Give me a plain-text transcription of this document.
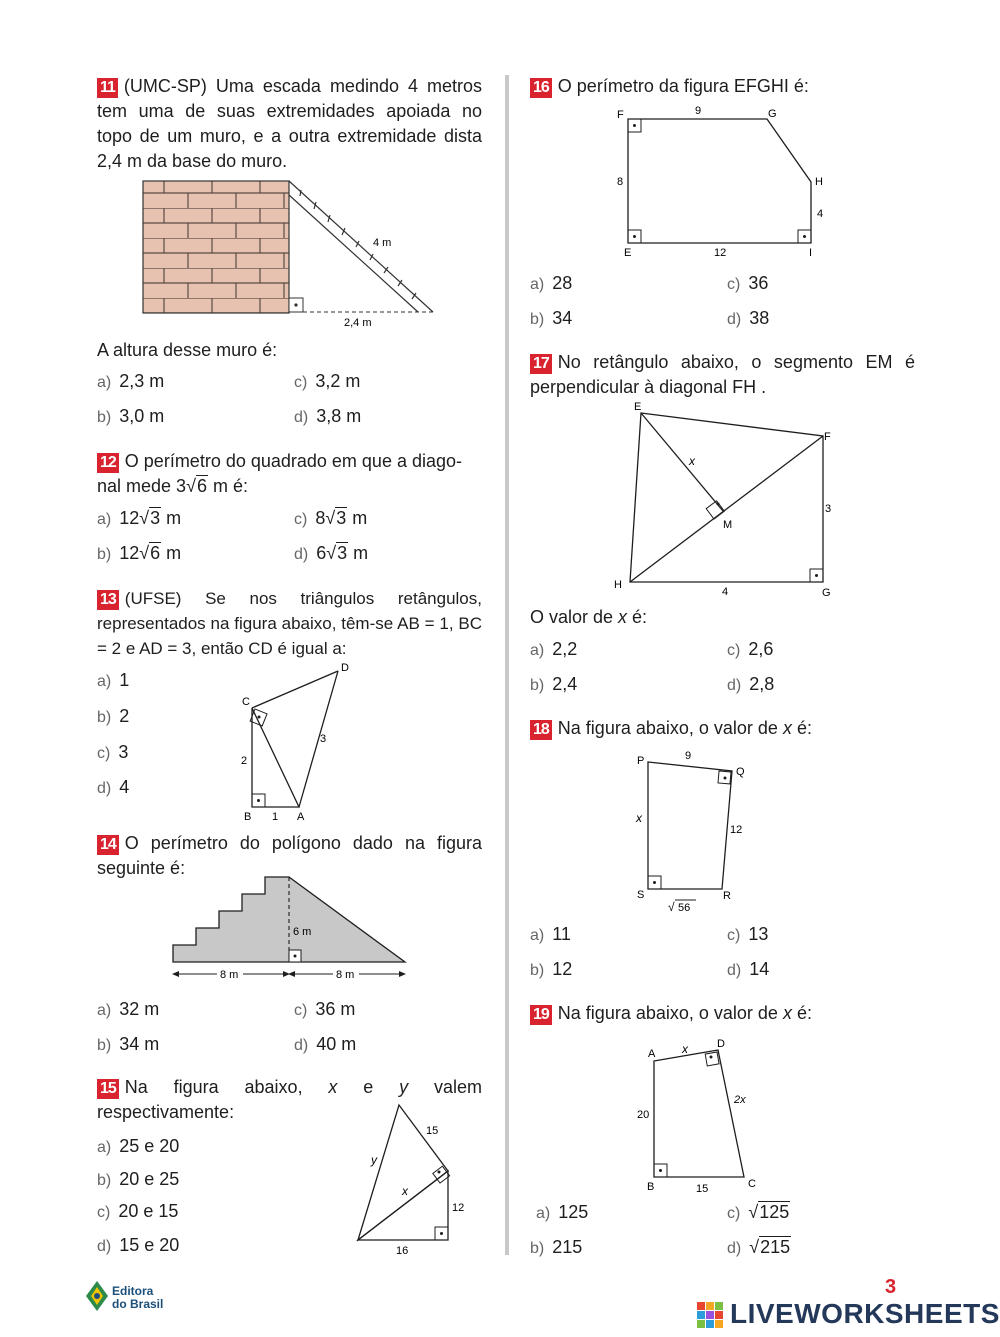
11 (UMC-SP) Uma escada medindo 4 metros tem uma de suas extremidades apoiada no topo de um muro, e a outra extremidade dista 2,4 m da base do muro.
4 m
2,4 m
A altura desse muro é:
a) 2,3 m	c) 3,2 m
b) 3,0 m	d) 3,8 m
12 O perímetro do quadrado em que a diago-
nal mede 3√6 m é:
a) 12√3 m	c) 8√3 m
b) 12√6 m	d) 6√3 m
13 (UFSE) Se nos triângulos retângulos, representados na figura abaixo, têm-se AB = 1, BC = 2 e AD = 3, então CD é igual a:
a) 1
b) 2
c) 3
d) 4
C
D
B	A
1
2
3
14 O perímetro do polígono dado na figura seguinte é:
6 m
8 m	8 m
a) 32 m	c) 36 m
b) 34 m	d) 40 m
15 Na figura abaixo, x e y valem respectivamente:
a) 25 e 20
b) 20 e 25
c) 20 e 15
d) 15 e 20
15
12
16
x
y
16 O perímetro da figura EFGHI é:
F	G
H
E	I
9
8
4
12
a) 28	c) 36
b) 34	d) 38
17 No retângulo abaixo, o segmento EM é perpendicular à diagonal FH .
E
F
G
H
M
x
3
4
O valor de x é:
a) 2,2	c) 2,6
b) 2,4	d) 2,8
18 Na figura abaixo, o valor de x é:
P
Q
R
S
9
12
x
√ 56
a) 11	c) 13
b) 12	d) 14
19 Na figura abaixo, o valor de x é:
A
D
B	C
x
20
2x
15
a) 125	c) √125
b) 215	d) √215
Editora
do Brasil
3
LIVEWORKSHEETS
